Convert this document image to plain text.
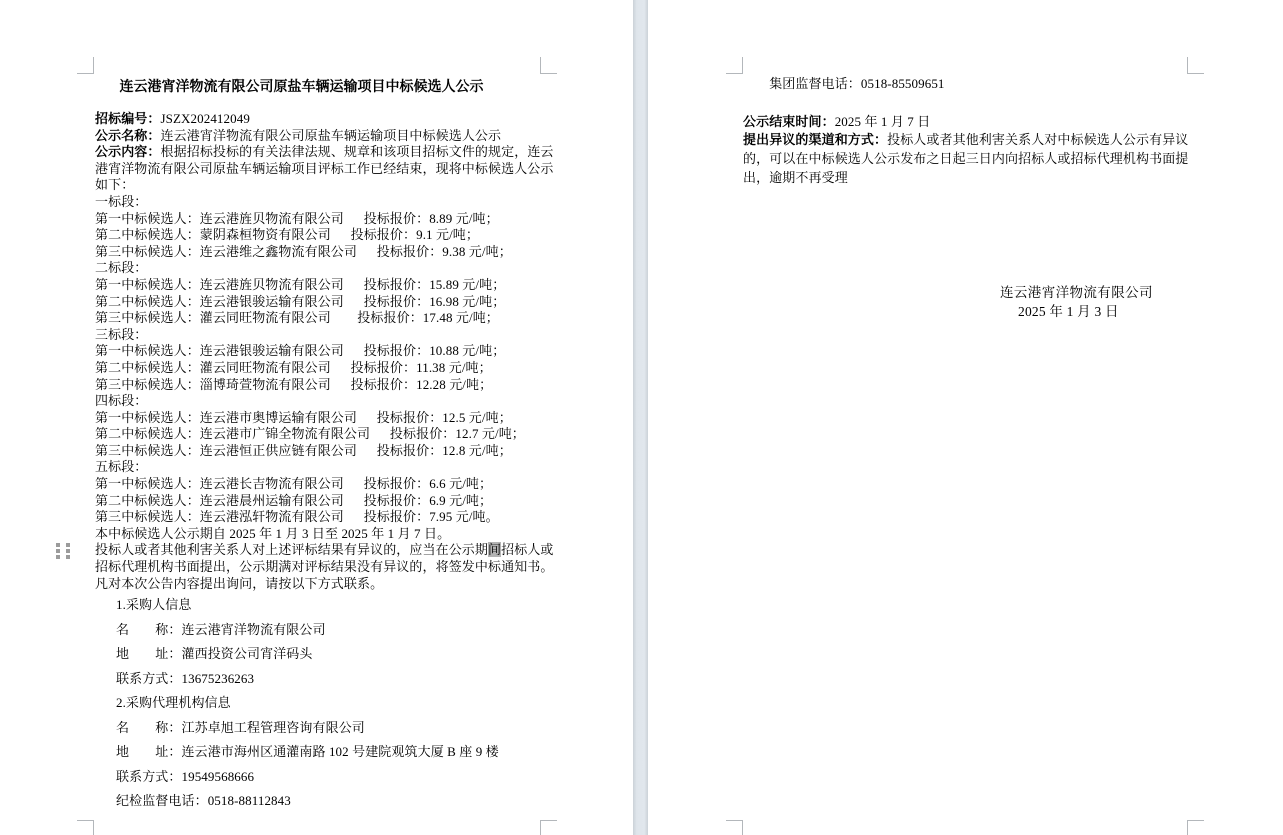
连云港宵洋物流有限公司原盐车辆运输项目中标候选人公示
招标编号：JSZX202412049
公示名称：连云港宵洋物流有限公司原盐车辆运输项目中标候选人公示
公示内容：根据招标投标的有关法律法规、规章和该项目招标文件的规定，连云
港宵洋物流有限公司原盐车辆运输项目评标工作已经结束，现将中标候选人公示
如下：
一标段：
第一中标候选人：连云港旌贝物流有限公司　  投标报价：8.89 元/吨；
第二中标候选人：蒙阴森桓物资有限公司　  投标报价：9.1 元/吨；
第三中标候选人：连云港维之鑫物流有限公司　  投标报价：9.38 元/吨；
二标段：
第一中标候选人：连云港旌贝物流有限公司　  投标报价：15.89 元/吨；
第二中标候选人：连云港银骏运输有限公司　  投标报价：16.98 元/吨；
第三中标候选人：灌云同旺物流有限公司　    投标报价：17.48 元/吨；
三标段：
第一中标候选人：连云港银骏运输有限公司　  投标报价：10.88 元/吨；
第二中标候选人：灌云同旺物流有限公司　  投标报价：11.38 元/吨；
第三中标候选人：淄博琦萱物流有限公司　  投标报价：12.28 元/吨；
四标段：
第一中标候选人：连云港市奥博运输有限公司　  投标报价：12.5 元/吨；
第二中标候选人：连云港市广锦全物流有限公司　  投标报价：12.7 元/吨；
第三中标候选人：连云港恒正供应链有限公司　  投标报价：12.8 元/吨；
五标段：
第一中标候选人：连云港长吉物流有限公司　  投标报价：6.6 元/吨；
第二中标候选人：连云港晨州运输有限公司　  投标报价：6.9 元/吨；
第三中标候选人：连云港泓轩物流有限公司　  投标报价：7.95 元/吨。
本中标候选人公示期自 2025 年 1 月 3 日至 2025 年 1 月 7 日。
投标人或者其他利害关系人对上述评标结果有异议的，应当在公示期间招标人或
招标代理机构书面提出，公示期满对评标结果没有异议的，将签发中标通知书。
凡对本次公告内容提出询问，请按以下方式联系。
1.采购人信息
名　　称：连云港宵洋物流有限公司
地　　址：灌西投资公司宵洋码头
联系方式：13675236263
2.采购代理机构信息
名　　称：江苏卓旭工程管理咨询有限公司
地　　址：连云港市海州区通灌南路 102 号建院观筑大厦 B 座 9 楼
联系方式：19549568666
纪检监督电话：0518-88112843
　　集团监督电话：0518-85509651
公示结束时间：2025 年 1 月 7 日
提出异议的渠道和方式：投标人或者其他利害关系人对中标候选人公示有异议
的，可以在中标候选人公示发布之日起三日内向招标人或招标代理机构书面提
出，逾期不再受理
连云港宵洋物流有限公司
2025 年 1 月 3 日
